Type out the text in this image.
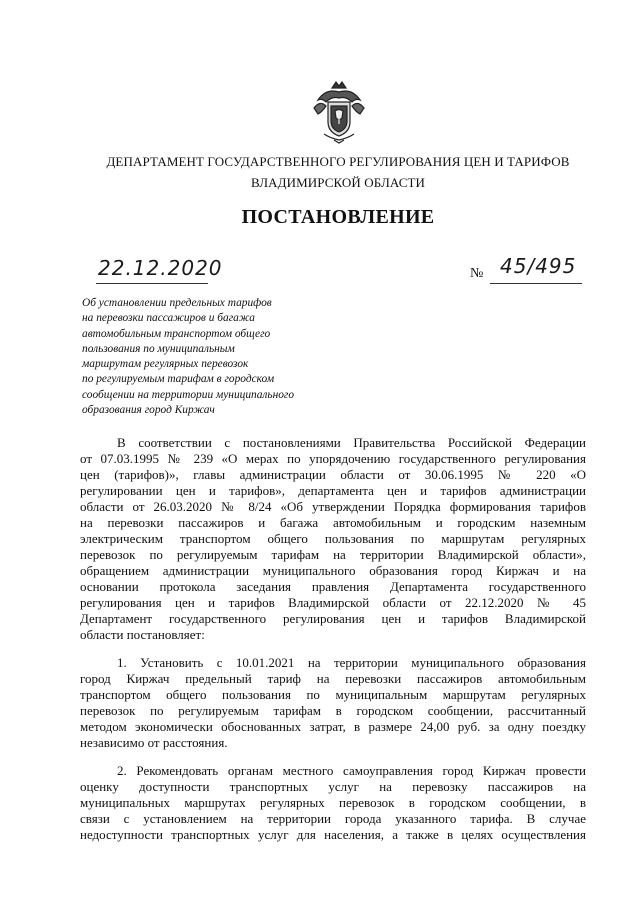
ДЕПАРТАМЕНТ ГОСУДАРСТВЕННОГО РЕГУЛИРОВАНИЯ ЦЕН И ТАРИФОВ
ВЛАДИМИРСКОЙ ОБЛАСТИ
ПОСТАНОВЛЕНИЕ
22.12.2020	№ 45/495
Об установлении предельных тарифов
на перевозки пассажиров и багажа
автомобильным транспортом общего
пользования по муниципальным
маршрутам регулярных перевозок
по регулируемым тарифам в городском
сообщении на территории муниципального
образования город Киржач
В соответствии с постановлениями Правительства Российской Федерации
от 07.03.1995 № 239 «О мерах по упорядочению государственного регулирования
цен (тарифов)», главы администрации области от 30.06.1995 № 220 «О
регулировании цен и тарифов», департамента цен и тарифов администрации
области от 26.03.2020 № 8/24 «Об утверждении Порядка формирования тарифов
на перевозки пассажиров и багажа автомобильным и городским наземным
электрическим транспортом общего пользования по маршрутам регулярных
перевозок по регулируемым тарифам на территории Владимирской области»,
обращением администрации муниципального образования город Киржач и на
основании протокола заседания правления Департамента государственного
регулирования цен и тарифов Владимирской области от 22.12.2020 № 45
Департамент государственного регулирования цен и тарифов Владимирской
области постановляет:
1. Установить с 10.01.2021 на территории муниципального образования
город Киржач предельный тариф на перевозки пассажиров автомобильным
транспортом общего пользования по муниципальным маршрутам регулярных
перевозок по регулируемым тарифам в городском сообщении, рассчитанный
методом экономически обоснованных затрат, в размере 24,00 руб. за одну поездку
независимо от расстояния.
2. Рекомендовать органам местного самоуправления город Киржач провести
оценку доступности транспортных услуг на перевозку пассажиров на
муниципальных маршрутах регулярных перевозок в городском сообщении, в
связи с установлением на территории города указанного тарифа. В случае
недоступности транспортных услуг для населения, а также в целях осуществления
